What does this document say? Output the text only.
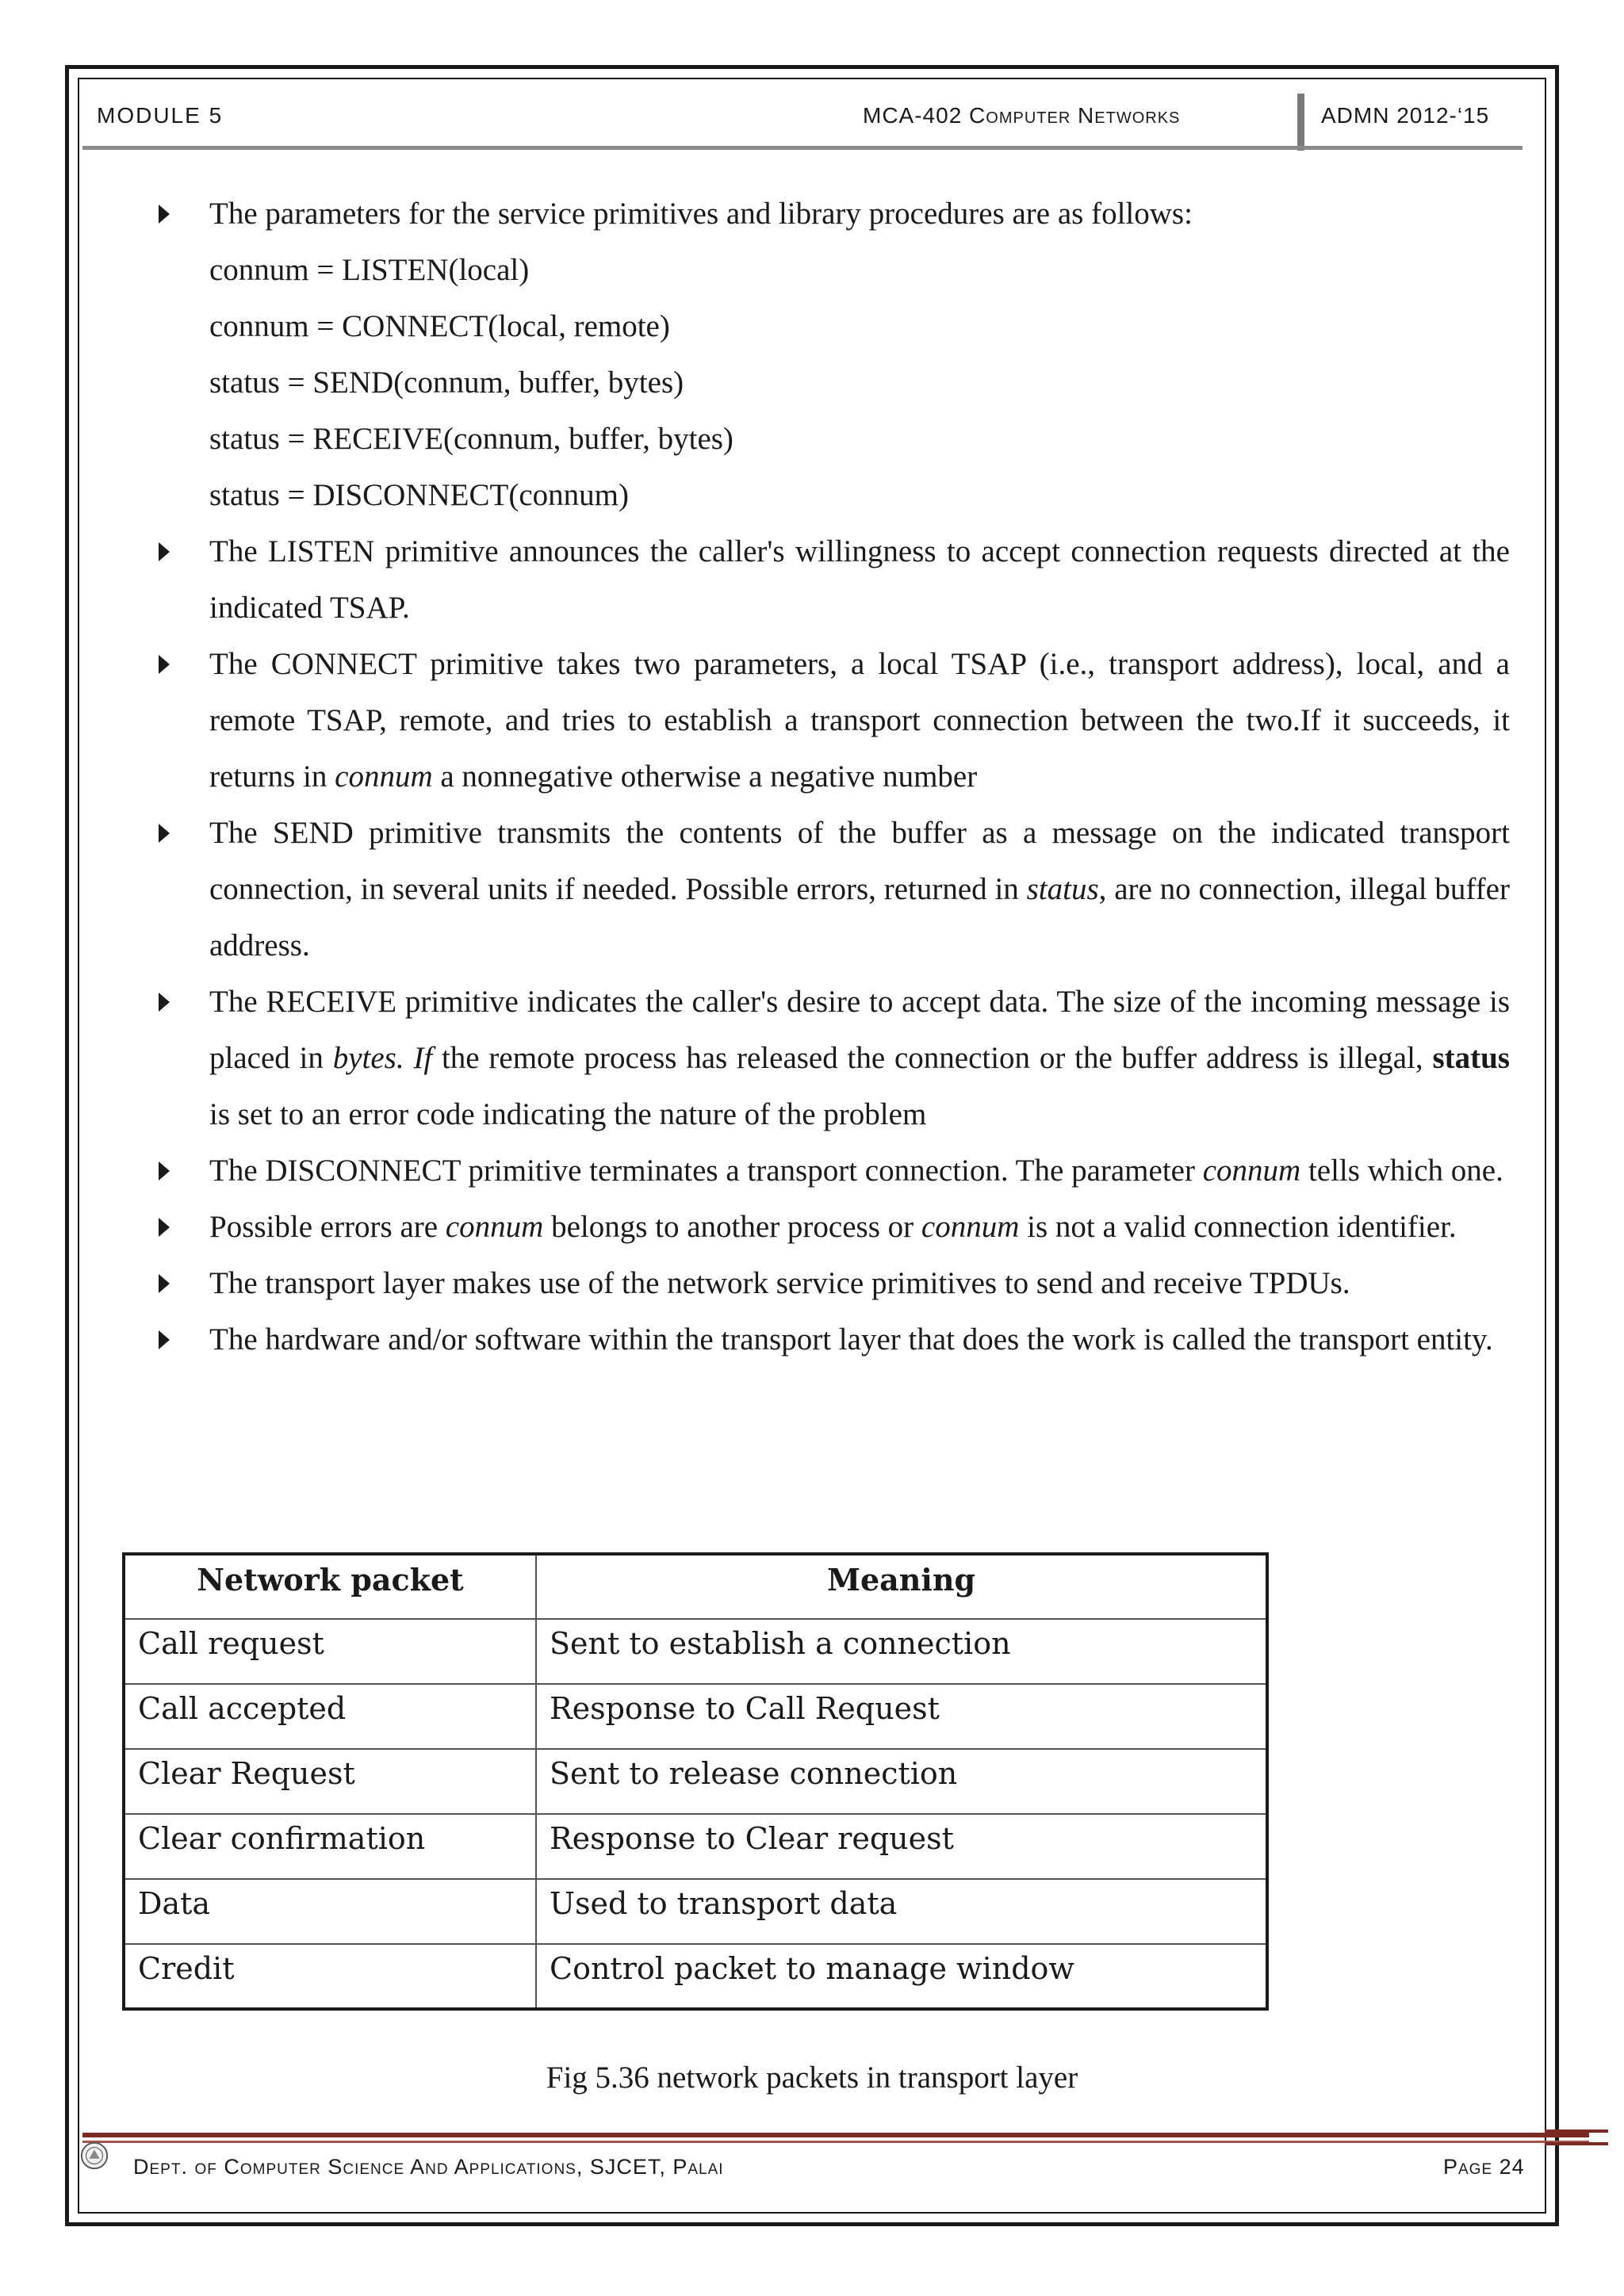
MODULE 5	MCA-402 Computer Networks	ADMN 2012-‘15
The parameters for the service primitives and library procedures are as follows:
connum = LISTEN(local)
connum = CONNECT(local, remote)
status = SEND(connum, buffer, bytes)
status = RECEIVE(connum, buffer, bytes)
status = DISCONNECT(connum)
The LISTEN primitive announces the caller's willingness to accept connection requests directed at the indicated TSAP.
The CONNECT primitive takes two parameters, a local TSAP (i.e., transport address), local, and a remote TSAP, remote, and tries to establish a transport connection between the two.If it succeeds, it returns in connum a nonnegative otherwise a negative number
The SEND primitive transmits the contents of the buffer as a message on the indicated transport connection, in several units if needed. Possible errors, returned in status, are no connection, illegal buffer address.
The RECEIVE primitive indicates the caller's desire to accept data. The size of the incoming message is placed in bytes. If the remote process has released the connection or the buffer address is illegal, status is set to an error code indicating the nature of the problem
The DISCONNECT primitive terminates a transport connection. The parameter connum tells which one.
Possible errors are connum belongs to another process or connum is not a valid connection identifier.
The transport layer makes use of the network service primitives to send and receive TPDUs.
The hardware and/or software within the transport layer that does the work is called the transport entity.
Network packet	Meaning
Call request	Sent to establish a connection
Call accepted	Response to Call Request
Clear Request	Sent to release connection
Clear confirmation	Response to Clear request
Data	Used to transport data
Credit	Control packet to manage window
Fig 5.36 network packets in transport layer
Dept. of Computer Science And Applications, SJCET, Palai	Page 24
